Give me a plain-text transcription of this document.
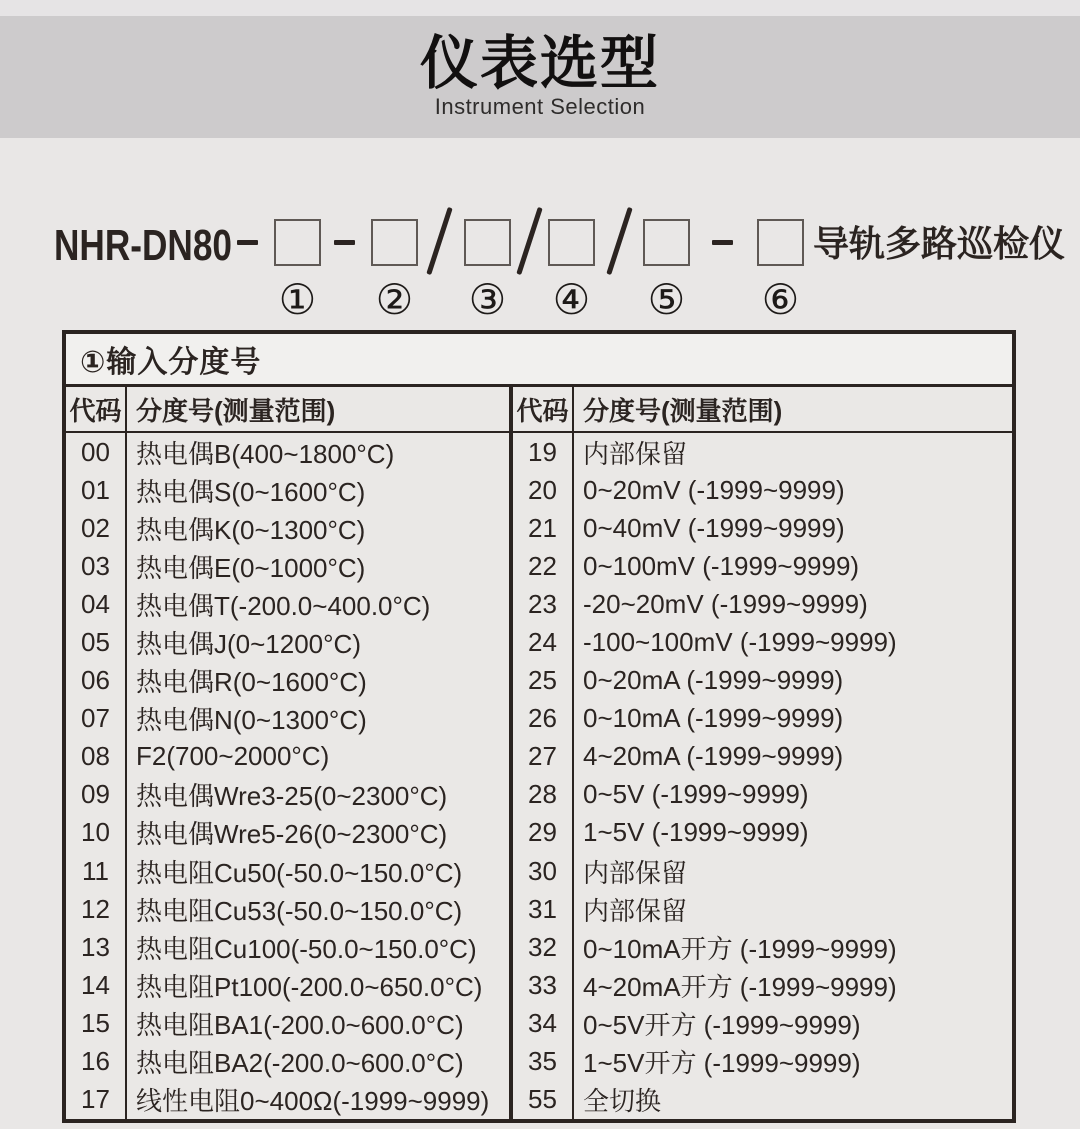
仪表选型
Instrument Selection
NHR-DN80	导轨多路巡检仪
① ② ③ ④ ⑤ ⑥
①输入分度号
代码 分度号(测量范围)
00	热电偶B(400~1800°C)
01	热电偶S(0~1600°C)
02	热电偶K(0~1300°C)
03	热电偶E(0~1000°C)
04	热电偶T(-200.0~400.0°C)
05	热电偶J(0~1200°C)
06	热电偶R(0~1600°C)
07	热电偶N(0~1300°C)
08	F2(700~2000°C)
09	热电偶Wre3-25(0~2300°C)
10	热电偶Wre5-26(0~2300°C)
11	热电阻Cu50(-50.0~150.0°C)
12	热电阻Cu53(-50.0~150.0°C)
13	热电阻Cu100(-50.0~150.0°C)
14	热电阻Pt100(-200.0~650.0°C)
15	热电阻BA1(-200.0~600.0°C)
16	热电阻BA2(-200.0~600.0°C)
17	线性电阻0~400Ω(-1999~9999)
代码 分度号(测量范围)
19	内部保留
20	0~20mV (-1999~9999)
21	0~40mV (-1999~9999)
22	0~100mV (-1999~9999)
23	-20~20mV (-1999~9999)
24	-100~100mV (-1999~9999)
25	0~20mA (-1999~9999)
26	0~10mA (-1999~9999)
27	4~20mA (-1999~9999)
28	0~5V (-1999~9999)
29	1~5V (-1999~9999)
30	内部保留
31	内部保留
32	0~10mA开方 (-1999~9999)
33	4~20mA开方 (-1999~9999)
34	0~5V开方 (-1999~9999)
35	1~5V开方 (-1999~9999)
55	全切换
